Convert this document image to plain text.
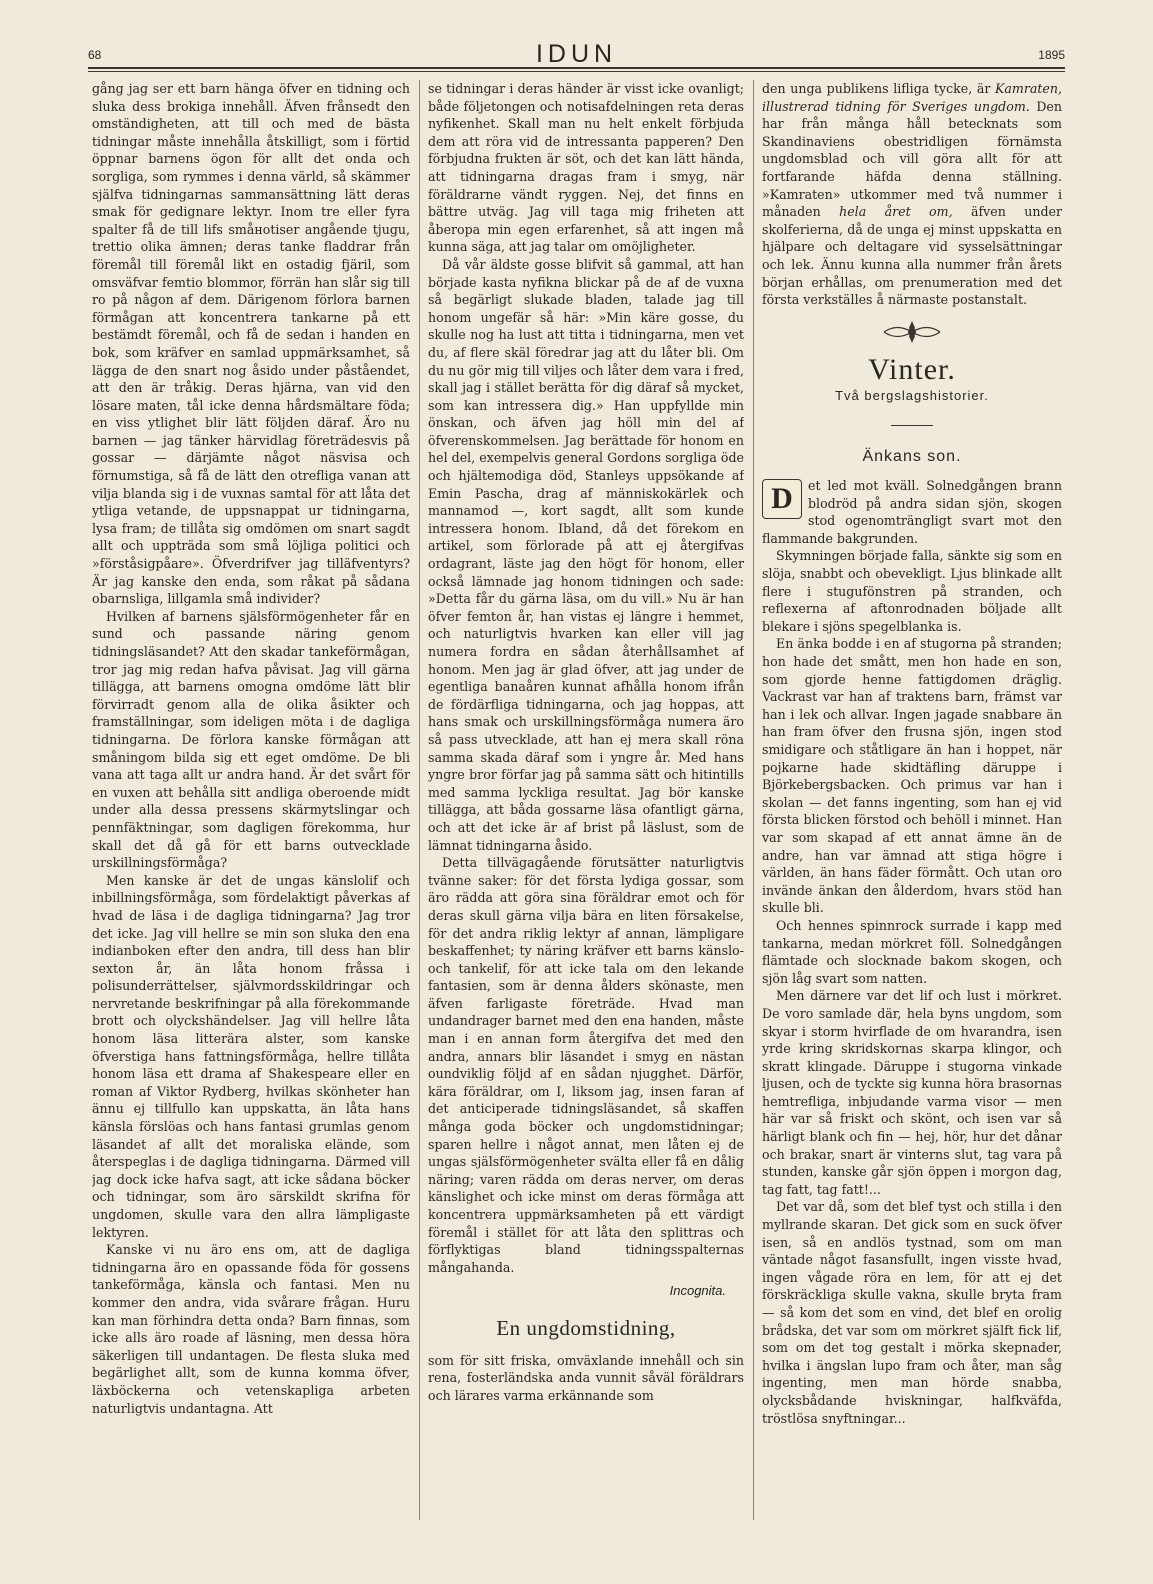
68	IDUN	1895

gång jag ser ett barn hänga öfver en tidning och sluka dess brokiga innehåll. Äfven frånsedt den omständigheten, att till och med de bästa tidningar måste innehålla åtskilligt, som i förtid öppnar barnens ögon för allt det onda och sorgliga, som rymmes i denna värld, så skämmer själfva tidningarnas sammansättning lätt deras smak för gedignare lektyr. Inom tre eller fyra spalter få de till lifs småнotiser angående tjugu, trettio olika ämnen; deras tanke fladdrar från föremål till föremål likt en ostadig fjäril, som omsväfvar femtio blommor, förrän han slår sig till ro på någon af dem. Därigenom förlora barnen förmågan att koncentrera tankarne på ett bestämdt föremål, och få de sedan i handen en bok, som kräfver en samlad uppmärksamhet, så lägga de den snart nog åsido under påståendet, att den är tråkig. Deras hjärna, van vid den lösare maten, tål icke denna hårdsmältare föda; en viss ytlighet blir lätt följden däraf. Äro nu barnen — jag tänker härvidlag företrädesvis på gossar — därjämte något näsvisa och förnumstiga, så få de lätt den otrefliga vanan att vilja blanda sig i de vuxnas samtal för att låta det ytliga vetande, de uppsnappat ur tidningarna, lysa fram; de tillåta sig omdömen om snart sagdt allt och uppträda som små löjliga politici och »förståsigpåare». Öfverdrifver jag tilläfventyrs? Är jag kanske den enda, som råkat på sådana obarnsliga, lillgamla små individer?

Hvilken af barnens själsförmögenheter får en sund och passande näring genom tidningsläsandet? Att den skadar tankeförmågan, tror jag mig redan hafva påvisat. Jag vill gärna tillägga, att barnens omogna omdöme lätt blir förvirradt genom alla de olika åsikter och framställningar, som ideligen möta i de dagliga tidningarna. De förlora kanske förmågan att småningom bilda sig ett eget omdöme. De bli vana att taga allt ur andra hand. Är det svårt för en vuxen att behålla sitt andliga oberoende midt under alla dessa pressens skärmytslingar och pennfäktningar, som dagligen förekomma, hur skall det då gå för ett barns outvecklade urskillningsförmåga?

Men kanske är det de ungas känslolif och inbillningsförmåga, som fördelaktigt påverkas af hvad de läsa i de dagliga tidningarna? Jag tror det icke. Jag vill hellre se min son sluka den ena indianboken efter den andra, till dess han blir sexton år, än låta honom fråssa i polisunderrättelser, självmordsskildringar och nervretande beskrifningar på alla förekommande brott och olyckshändelser. Jag vill hellre låta honom läsa litterära alster, som kanske öfverstiga hans fattningsförmåga, hellre tillåta honom läsa ett drama af Shakespeare eller en roman af Viktor Rydberg, hvilkas skönheter han ännu ej tillfullo kan uppskatta, än låta hans känsla förslöas och hans fantasi grumlas genom läsandet af allt det moraliska elände, som återspeglas i de dagliga tidningarna. Därmed vill jag dock icke hafva sagt, att icke sådana böcker och tidningar, som äro särskildt skrifna för ungdomen, skulle vara den allra lämpligaste lektyren.

Kanske vi nu äro ens om, att de dagliga tidningarna äro en opassande föda för gossens tankeförmåga, känsla och fantasi. Men nu kommer den andra, vida svårare frågan. Huru kan man förhindra detta onda? Barn finnas, som icke alls äro roade af läsning, men dessa höra säkerligen till undantagen. De flesta sluka med begärlighet allt, som de kunna komma öfver, läxböckerna och vetenskapliga arbeten naturligtvis undantagna. Att

se tidningar i deras händer är visst icke ovanligt; både följetongen och notisafdelningen reta deras nyfikenhet. Skall man nu helt enkelt förbjuda dem att röra vid de intressanta papperen? Den förbjudna frukten är söt, och det kan lätt hända, att tidningarna dragas fram i smyg, när föräldrarne vändt ryggen. Nej, det finns en bättre utväg. Jag vill taga mig friheten att åberopa min egen erfarenhet, så att ingen må kunna säga, att jag talar om omöjligheter.

Då vår äldste gosse blifvit så gammal, att han började kasta nyfikna blickar på de af de vuxna så begärligt slukade bladen, talade jag till honom ungefär så här: »Min käre gosse, du skulle nog ha lust att titta i tidningarna, men vet du, af flere skäl föredrar jag att du låter bli. Om du nu gör mig till viljes och låter dem vara i fred, skall jag i stället berätta för dig däraf så mycket, som kan intressera dig.» Han uppfyllde min önskan, och äfven jag höll min del af öfverenskommelsen. Jag berättade för honom en hel del, exempelvis general Gordons sorgliga öde och hjältemodiga död, Stanleys uppsökande af Emin Pascha, drag af människokärlek och mannamod —, kort sagdt, allt som kunde intressera honom. Ibland, då det förekom en artikel, som förlorade på att ej återgifvas ordagrant, läste jag den högt för honom, eller också lämnade jag honom tidningen och sade: »Detta får du gärna läsa, om du vill.» Nu är han öfver femton år, han vistas ej längre i hemmet, och naturligtvis hvarken kan eller vill jag numera fordra en sådan återhållsamhet af honom. Men jag är glad öfver, att jag under de egentliga banaåren kunnat afhålla honom ifrån de fördärfliga tidningarna, och jag hoppas, att hans smak och urskillningsförmåga numera äro så pass utvecklade, att han ej mera skall röna samma skada däraf som i yngre år. Med hans yngre bror förfar jag på samma sätt och hitintills med samma lyckliga resultat. Jag bör kanske tillägga, att båda gossarne läsa ofantligt gärna, och att det icke är af brist på läslust, som de lämnat tidningarna åsido.

Detta tillvägagående förutsätter naturligtvis tvänne saker: för det första lydiga gossar, som äro rädda att göra sina föräldrar emot och för deras skull gärna vilja bära en liten försakelse, för det andra riklig lektyr af annan, lämpligare beskaffenhet; ty näring kräfver ett barns känslo- och tankelif, för att icke tala om den lekande fantasien, som är denna ålders skönaste, men äfven farligaste företräde. Hvad man undandrager barnet med den ena handen, måste man i en annan form återgifva det med den andra, annars blir läsandet i smyg en nästan oundviklig följd af en sådan njugghet. Därför, kära föräldrar, om I, liksom jag, insen faran af det anticiperade tidningsläsandet, så skaffen många goda böcker och ungdomstidningar; sparen hellre i något annat, men låten ej de ungas själsförmögenheter svälta eller få en dålig näring; varen rädda om deras nerver, om deras känslighet och icke minst om deras förmåga att koncentrera uppmärksamheten på ett värdigt föremål i stället för att låta den splittras och förflyktigas bland tidningsspalternas mångahanda.

Incognita.
En ungdomstidning,

som för sitt friska, omväxlande innehåll och sin rena, fosterländska anda vunnit såväl föräldrars och lärares varma erkännande som

den unga publikens lifliga tycke, är Kamraten, illustrerad tidning för Sveriges ungdom. Den har från många håll betecknats som Skandinaviens obestridligen förnämsta ungdomsblad och vill göra allt för att fortfarande häfda denna ställning. »Kamraten» utkommer med två nummer i månaden hela året om, äfven under skolferierna, då de unga ej minst uppskatta en hjälpare och deltagare vid sysselsättningar och lek. Ännu kunna alla nummer från årets början erhållas, om prenumeration med det första verkställes å närmaste postanstalt.

Vinter.
Två bergslagshistorier.
Änkans son.

D	et led mot kväll. Solnedgången brann blodröd på andra sidan sjön, skogen stod ogenomträngligt svart mot den flammande bakgrunden.

Skymningen började falla, sänkte sig som en slöja, snabbt och obevekligt. Ljus blinkade allt flere i stugufönstren på stranden, och reflexerna af aftonrodnaden böljade allt blekare i sjöns spegelblanka is.

En änka bodde i en af stugorna på stranden; hon hade det smått, men hon hade en son, som gjorde henne fattigdomen dräglig. Vackrast var han af traktens barn, främst var han i lek och allvar. Ingen jagade snabbare än han fram öfver den frusna sjön, ingen stod smidigare och ståtligare än han i hoppet, när pojkarne hade skidtäfling däruppe i Björkebergsbacken. Och primus var han i skolan — det fanns ingenting, som han ej vid första blicken förstod och behöll i minnet. Han var som skapad af ett annat ämne än de andre, han var ämnad att stiga högre i världen, än hans fäder förmått. Och utan oro invände änkan den ålderdom, hvars stöd han skulle bli.

Och hennes spinnrock surrade i kapp med tankarna, medan mörkret föll. Solnedgången flämtade och slocknade bakom skogen, och sjön låg svart som natten.

Men därnere var det lif och lust i mörkret. De voro samlade där, hela byns ungdom, som skyar i storm hvirflade de om hvarandra, isen yrde kring skridskornas skarpa klingor, och skratt klingade. Däruppe i stugorna vinkade ljusen, och de tyckte sig kunna höra brasornas hemtrefliga, inbjudande varma visor — men här var så friskt och skönt, och isen var så härligt blank och fin — hej, hör, hur det dånar och brakar, snart är vinterns slut, tag vara på stunden, kanske går sjön öppen i morgon dag, tag fatt, tag fatt!...

Det var då, som det blef tyst och stilla i den myllrande skaran. Det gick som en suck öfver isen, så en andlös tystnad, som om man väntade något fasansfullt, ingen visste hvad, ingen vågade röra en lem, för att ej det förskräckliga skulle vakna, skulle bryta fram — så kom det som en vind, det blef en orolig brådska, det var som om mörkret själft fick lif, som om det tog gestalt i mörka skepnader, hvilka i ängslan lupo fram och åter, man såg ingenting, men man hörde snabba, olycksbådande hviskningar, halfkväfda, tröstlösa snyftningar...
